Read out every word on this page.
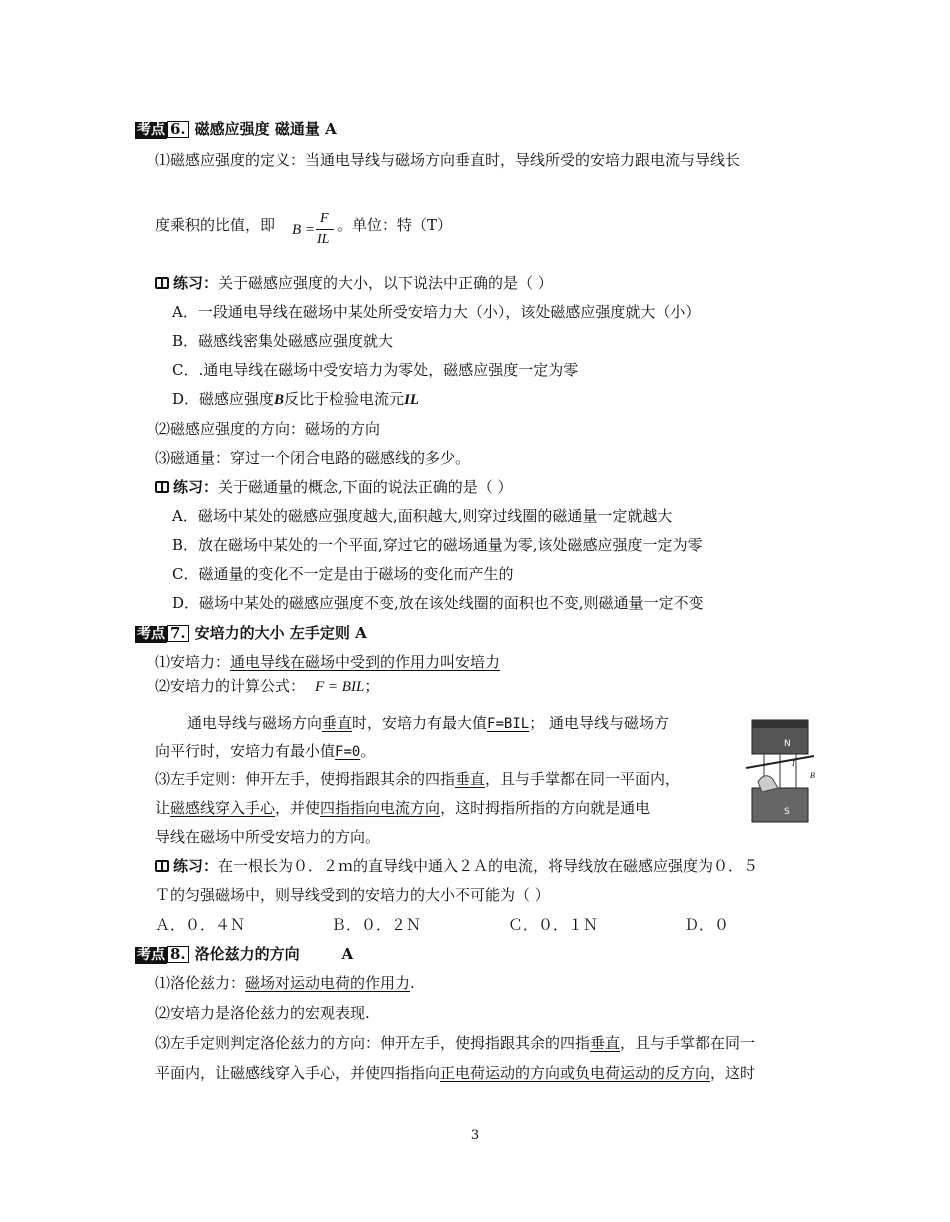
考点 6. 磁感应强度 磁通量 A
⑴磁感应强度的定义：当通电导线与磁场方向垂直时，导线所受的安培力跟电流与导线长
度乘积的比值，即 B =
F
IL
。单位：特（T）
练习：关于磁感应强度的大小，以下说法中正确的是（ ）
A．一段通电导线在磁场中某处所受安培力大（小），该处磁感应强度就大（小）
B．磁感线密集处磁感应强度就大
C．.通电导线在磁场中受安培力为零处，磁感应强度一定为零
D．磁感应强度B反比于检验电流元IL
⑵磁感应强度的方向：磁场的方向
⑶磁通量：穿过一个闭合电路的磁感线的多少。
练习：关于磁通量的概念,下面的说法正确的是（ ）
A．磁场中某处的磁感应强度越大,面积越大,则穿过线圈的磁通量一定就越大
B．放在磁场中某处的一个平面,穿过它的磁场通量为零,该处磁感应强度一定为零
C．磁通量的变化不一定是由于磁场的变化而产生的
D．磁场中某处的磁感应强度不变,放在该处线圈的面积也不变,则磁通量一定不变
考点 7. 安培力的大小 左手定则 A
⑴安培力：通电导线在磁场中受到的作用力叫安培力
⑵安培力的计算公式： F = BIL；
通电导线与磁场方向垂直时，安培力有最大值F=BIL； 通电导线与磁场方
向平行时，安培力有最小值F=0。
⑶左手定则：伸开左手，使拇指跟其余的四指垂直，且与手掌都在同一平面内，
让磁感线穿入手心，并使四指指向电流方向，这时拇指所指的方向就是通电
导线在磁场中所受安培力的方向。
N
S
B
I
练习：在一根长为０．２ｍ的直导线中通入２Ａ的电流，将导线放在磁感应强度为０．５
Ｔ的匀强磁场中，则导线受到的安培力的大小不可能为（ ）
Ａ．０．４Ｎ	Ｂ．０．２Ｎ	Ｃ．０．１Ｎ	Ｄ．０
考点 8. 洛伦兹力的方向        A
⑴洛伦兹力：磁场对运动电荷的作用力.
⑵安培力是洛伦兹力的宏观表现.
⑶左手定则判定洛伦兹力的方向：伸开左手，使拇指跟其余的四指垂直，且与手掌都在同一
平面内，让磁感线穿入手心，并使四指指向正电荷运动的方向或负电荷运动的反方向，这时
3
